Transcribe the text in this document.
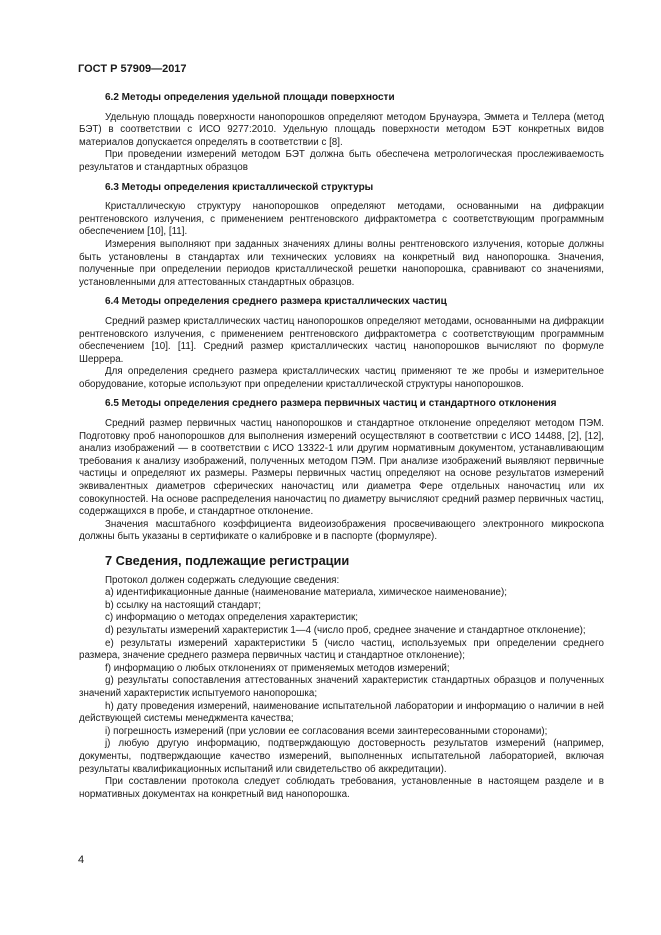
ГОСТ Р 57909—2017

6.2 Методы определения удельной площади поверхности

Удельную площадь поверхности нанопорошков определяют методом Брунауэра, Эммета и Теллера (метод БЭТ) в соответствии с ИСО 9277:2010. Удельную площадь поверхности методом БЭТ конкретных видов материалов допускается определять в соответствии с [8].

При проведении измерений методом БЭТ должна быть обеспечена метрологическая прослеживаемость результатов и стандартных образцов

6.3 Методы определения кристаллической структуры

Кристаллическую структуру нанопорошков определяют методами, основанными на дифракции рентгеновского излучения, с применением рентгеновского дифрактометра с соответствующим программным обеспечением [10], [11].

Измерения выполняют при заданных значениях длины волны рентгеновского излучения, которые должны быть установлены в стандартах или технических условиях на конкретный вид нанопорошка. Значения, полученные при определении периодов кристаллической решетки нанопорошка, сравнивают со значениями, установленными для аттестованных стандартных образцов.

6.4 Методы определения среднего размера кристаллических частиц

Средний размер кристаллических частиц нанопорошков определяют методами, основанными на дифракции рентгеновского излучения, с применением рентгеновского дифрактометра с соответствующим программным обеспечением [10]. [11]. Средний размер кристаллических частиц нанопорошков вычисляют по формуле Шеррера.

Для определения среднего размера кристаллических частиц применяют те же пробы и измерительное оборудование, которые используют при определении кристаллической структуры нанопорошков.

6.5 Методы определения среднего размера первичных частиц и стандартного отклонения

Средний размер первичных частиц нанопорошков и стандартное отклонение определяют методом ПЭМ. Подготовку проб нанопорошков для выполнения измерений осуществляют в соответствии с ИСО 14488, [2], [12], анализ изображений — в соответствии с ИСО 13322-1 или другим нормативным документом, устанавливающим требования к анализу изображений, полученных методом ПЭМ. При анализе изображений выявляют первичные частицы и определяют их размеры. Размеры первичных частиц определяют на основе результатов измерений эквивалентных диаметров сферических наночастиц или диаметра Фере отдельных наночастиц или их совокупностей. На основе распределения наночастиц по диаметру вычисляют средний размер первичных частиц, содержащихся в пробе, и стандартное отклонение.

Значения масштабного коэффициента видеоизображения просвечивающего электронного микроскопа должны быть указаны в сертификате о калибровке и в паспорте (формуляре).

7 Сведения, подлежащие регистрации

Протокол должен содержать следующие сведения:

а) идентификационные данные (наименование материала, химическое наименование);

b) ссылку на настоящий стандарт;

c) информацию о методах определения характеристик;

d) результаты измерений характеристик 1—4 (число проб, среднее значение и стандартное отклонение);

e) результаты измерений характеристики 5 (число частиц, используемых при определении среднего размера, значение среднего размера первичных частиц и стандартное отклонение);

f) информацию о любых отклонениях от применяемых методов измерений;

g) результаты сопоставления аттестованных значений характеристик стандартных образцов и полученных значений характеристик испытуемого нанопорошка;

h) дату проведения измерений, наименование испытательной лаборатории и информацию о наличии в ней действующей системы менеджмента качества;

i) погрешность измерений (при условии ее согласования всеми заинтересованными сторонами);

j) любую другую информацию, подтверждающую достоверность результатов измерений (например, документы, подтверждающие качество измерений, выполненных испытательной лабораторией, включая результаты квалификационных испытаний или свидетельство об аккредитации).

При составлении протокола следует соблюдать требования, установленные в настоящем разделе и в нормативных документах на конкретный вид нанопорошка.

4
